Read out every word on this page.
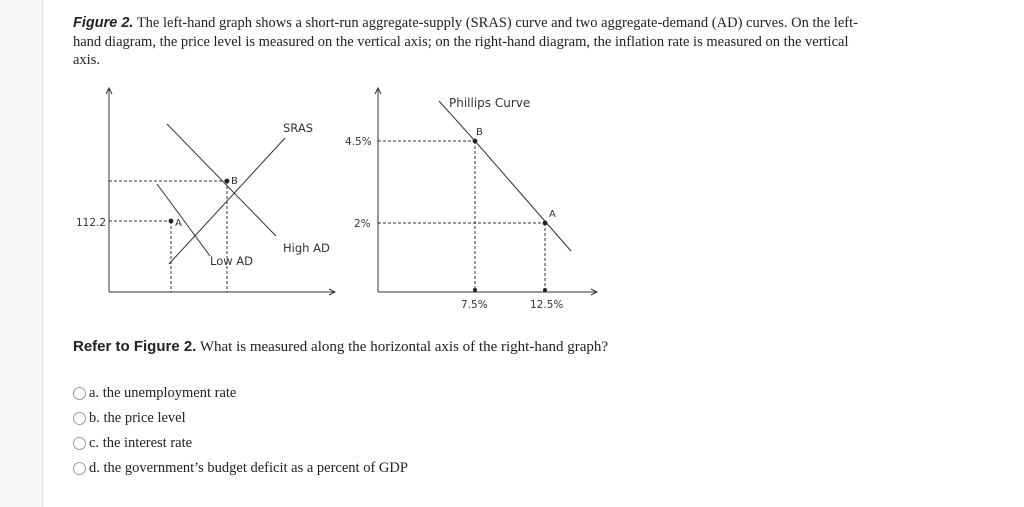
Figure 2. The left-hand graph shows a short-run aggregate-supply (SRAS) curve and two aggregate-demand (AD) curves. On the left-hand diagram, the price level is measured on the vertical axis; on the right-hand diagram, the inflation rate is measured on the vertical axis.
A
B
112.2
SRAS
High AD
Low AD
Phillips Curve
B
A
4.5%
2%
7.5%	12.5%
Refer to Figure 2. What is measured along the horizontal axis of the right-hand graph?
a. the unemployment rate
b. the price level
c. the interest rate
d. the government’s budget deficit as a percent of GDP
